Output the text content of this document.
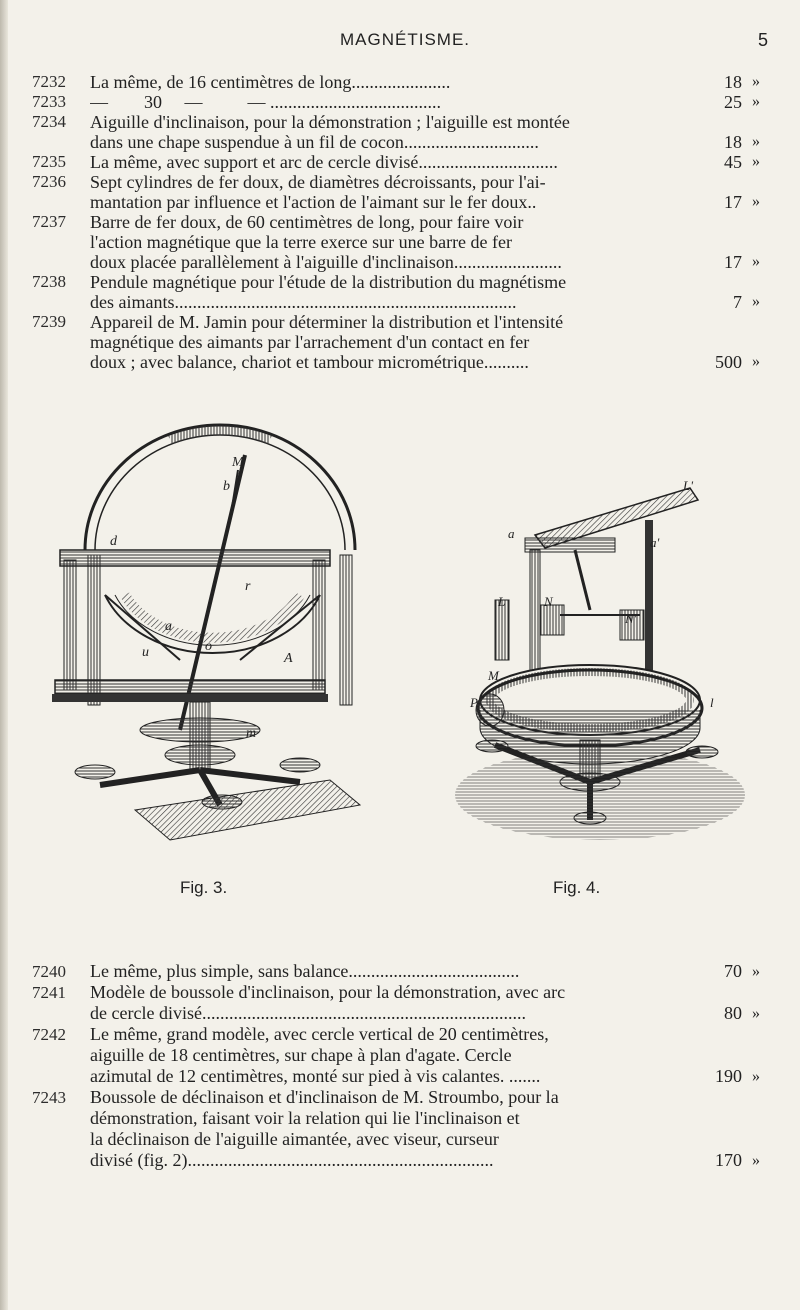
MAGNÉTISME.	5
7232	La même, de 16 centimètres de long......................	18 »
7233	—        30     —          — ......................................	25 »
7234	Aiguille d'inclinaison, pour la démonstration ; l'aiguille est montée
dans une chape suspendue à un fil de cocon..............................	18 »
7235	La même, avec support et arc de cercle divisé...............................	45 »
7236	Sept cylindres de fer doux, de diamètres décroissants, pour l'ai-
mantation par influence et l'action de l'aimant sur le fer doux..	17 »
7237	Barre de fer doux, de 60 centimètres de long, pour faire voir
l'action magnétique que la terre exerce sur une barre de fer
doux placée parallèlement à l'aiguille d'inclinaison........................	17 »
7238	Pendule magnétique pour l'étude de la distribution du magnétisme
des aimants............................................................................	7 »
7239	Appareil de M. Jamin pour déterminer la distribution et l'intensité
magnétique des aimants par l'arrachement d'un contact en fer
doux ; avec balance, chariot et tambour micrométrique..........	500 »
M
b
d
r
a
o
u	A
m
L'
a
a'
L	N
N'
M
P	l
Fig. 3.	Fig. 4.
7240	Le même, plus simple, sans balance......................................	70 »
7241	Modèle de boussole d'inclinaison, pour la démonstration, avec arc
de cercle divisé........................................................................	80 »
7242	Le même, grand modèle, avec cercle vertical de 20 centimètres,
aiguille de 18 centimètres, sur chape à plan d'agate. Cercle
azimutal de 12 centimètres, monté sur pied à vis calantes. .......	190 »
7243	Boussole de déclinaison et d'inclinaison de M. Stroumbo, pour la
démonstration, faisant voir la relation qui lie l'inclinaison et
la déclinaison de l'aiguille aimantée, avec viseur, curseur
divisé (fig. 2)....................................................................	170 »
